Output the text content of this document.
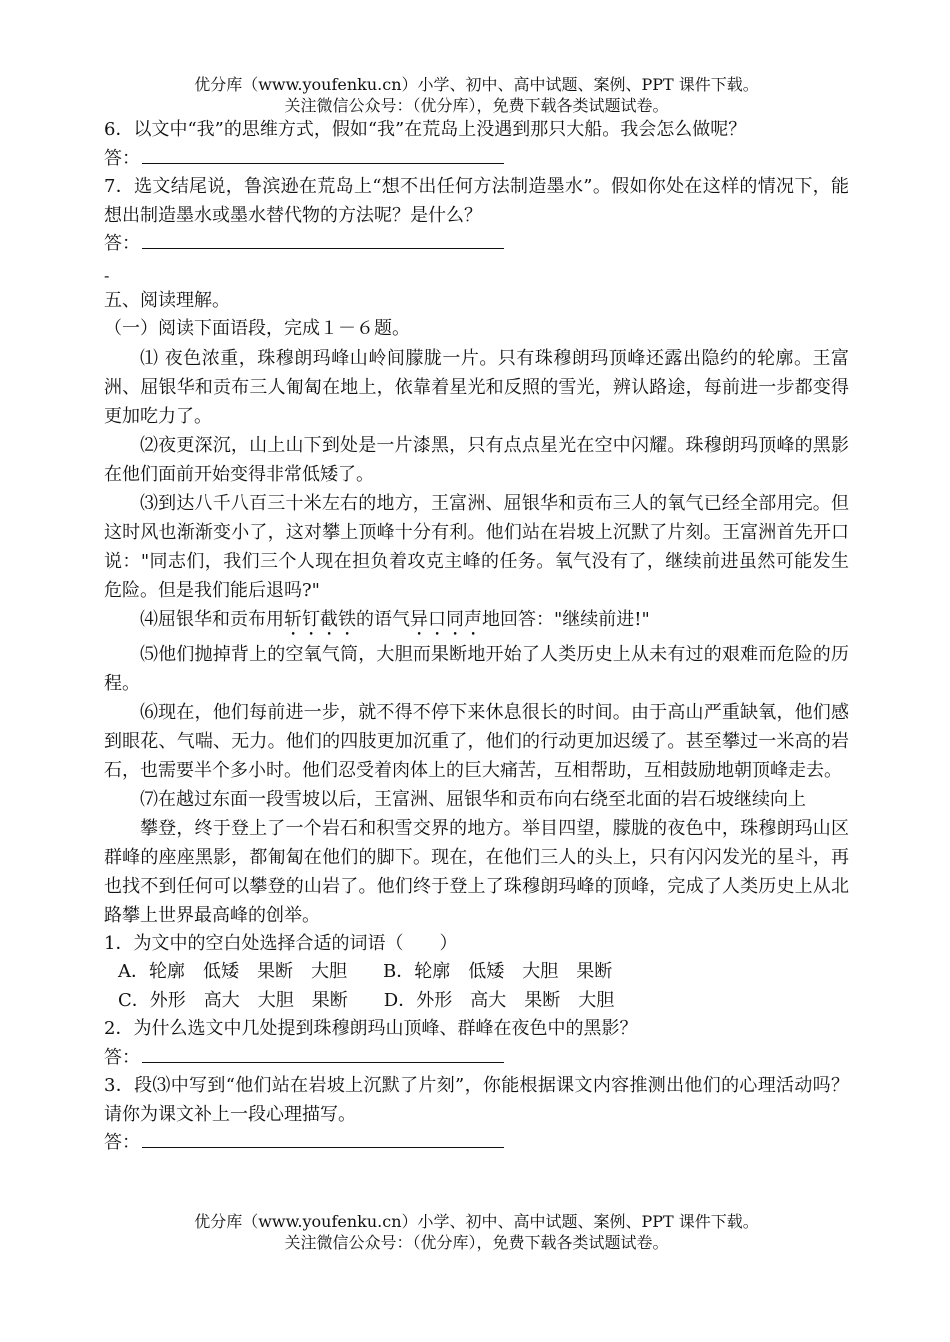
优分库（www.youfenku.cn）小学、初中、高中试题、案例、PPT 课件下载。
关注微信公众号：（优分库），免费下载各类试题试卷。
6．以文中“我”的思维方式，假如“我”在荒岛上没遇到那只大船。我会怎么做呢？
答：
7．选文结尾说，鲁滨逊在荒岛上“想不出任何方法制造墨水”。假如你处在这样的情况下，能想出制造墨水或墨水替代物的方法呢？是什么？
答：
-
五、阅读理解。
（一）阅读下面语段，完成１－６题。
⑴ 夜色浓重，珠穆朗玛峰山岭间朦胧一片。只有珠穆朗玛顶峰还露出隐约的轮廓。王富洲、屈银华和贡布三人匍匐在地上，依靠着星光和反照的雪光，辨认路途，每前进一步都变得更加吃力了。
⑵夜更深沉，山上山下到处是一片漆黑，只有点点星光在空中闪耀。珠穆朗玛顶峰的黑影在他们面前开始变得非常低矮了。
⑶到达八千八百三十米左右的地方，王富洲、屈银华和贡布三人的氧气已经全部用完。但这时风也渐渐变小了，这对攀上顶峰十分有利。他们站在岩坡上沉默了片刻。王富洲首先开口说："同志们，我们三个人现在担负着攻克主峰的任务。氧气没有了，继续前进虽然可能发生危险。但是我们能后退吗?"
⑷屈银华和贡布用斩钉截铁的语气异口同声地回答："继续前进!"
⑸他们抛掉背上的空氧气筒，大胆而果断地开始了人类历史上从未有过的艰难而危险的历程。
⑹现在，他们每前进一步，就不得不停下来休息很长的时间。由于高山严重缺氧，他们感到眼花、气喘、无力。他们的四肢更加沉重了，他们的行动更加迟缓了。甚至攀过一米高的岩石，也需要半个多小时。他们忍受着肉体上的巨大痛苦，互相帮助，互相鼓励地朝顶峰走去。
⑺在越过东面一段雪坡以后，王富洲、屈银华和贡布向右绕至北面的岩石坡继续向上
攀登，终于登上了一个岩石和积雪交界的地方。举目四望，朦胧的夜色中，珠穆朗玛山区群峰的座座黑影，都匍匐在他们的脚下。现在，在他们三人的头上，只有闪闪发光的星斗，再也找不到任何可以攀登的山岩了。他们终于登上了珠穆朗玛峰的顶峰，完成了人类历史上从北路攀上世界最高峰的创举。
1．为文中的空白处选择合适的词语（　　）
A．轮廓　低矮　果断　大胆　　 B．轮廓　低矮　大胆　果断
C．外形　高大　大胆　果断　　 D．外形　高大　果断　大胆
2．为什么选文中几处提到珠穆朗玛山顶峰、群峰在夜色中的黑影？
答：
3．段⑶中写到“他们站在岩坡上沉默了片刻”，你能根据课文内容推测出他们的心理活动吗？请你为课文补上一段心理描写。
答：
优分库（www.youfenku.cn）小学、初中、高中试题、案例、PPT 课件下载。
关注微信公众号：（优分库），免费下载各类试题试卷。
